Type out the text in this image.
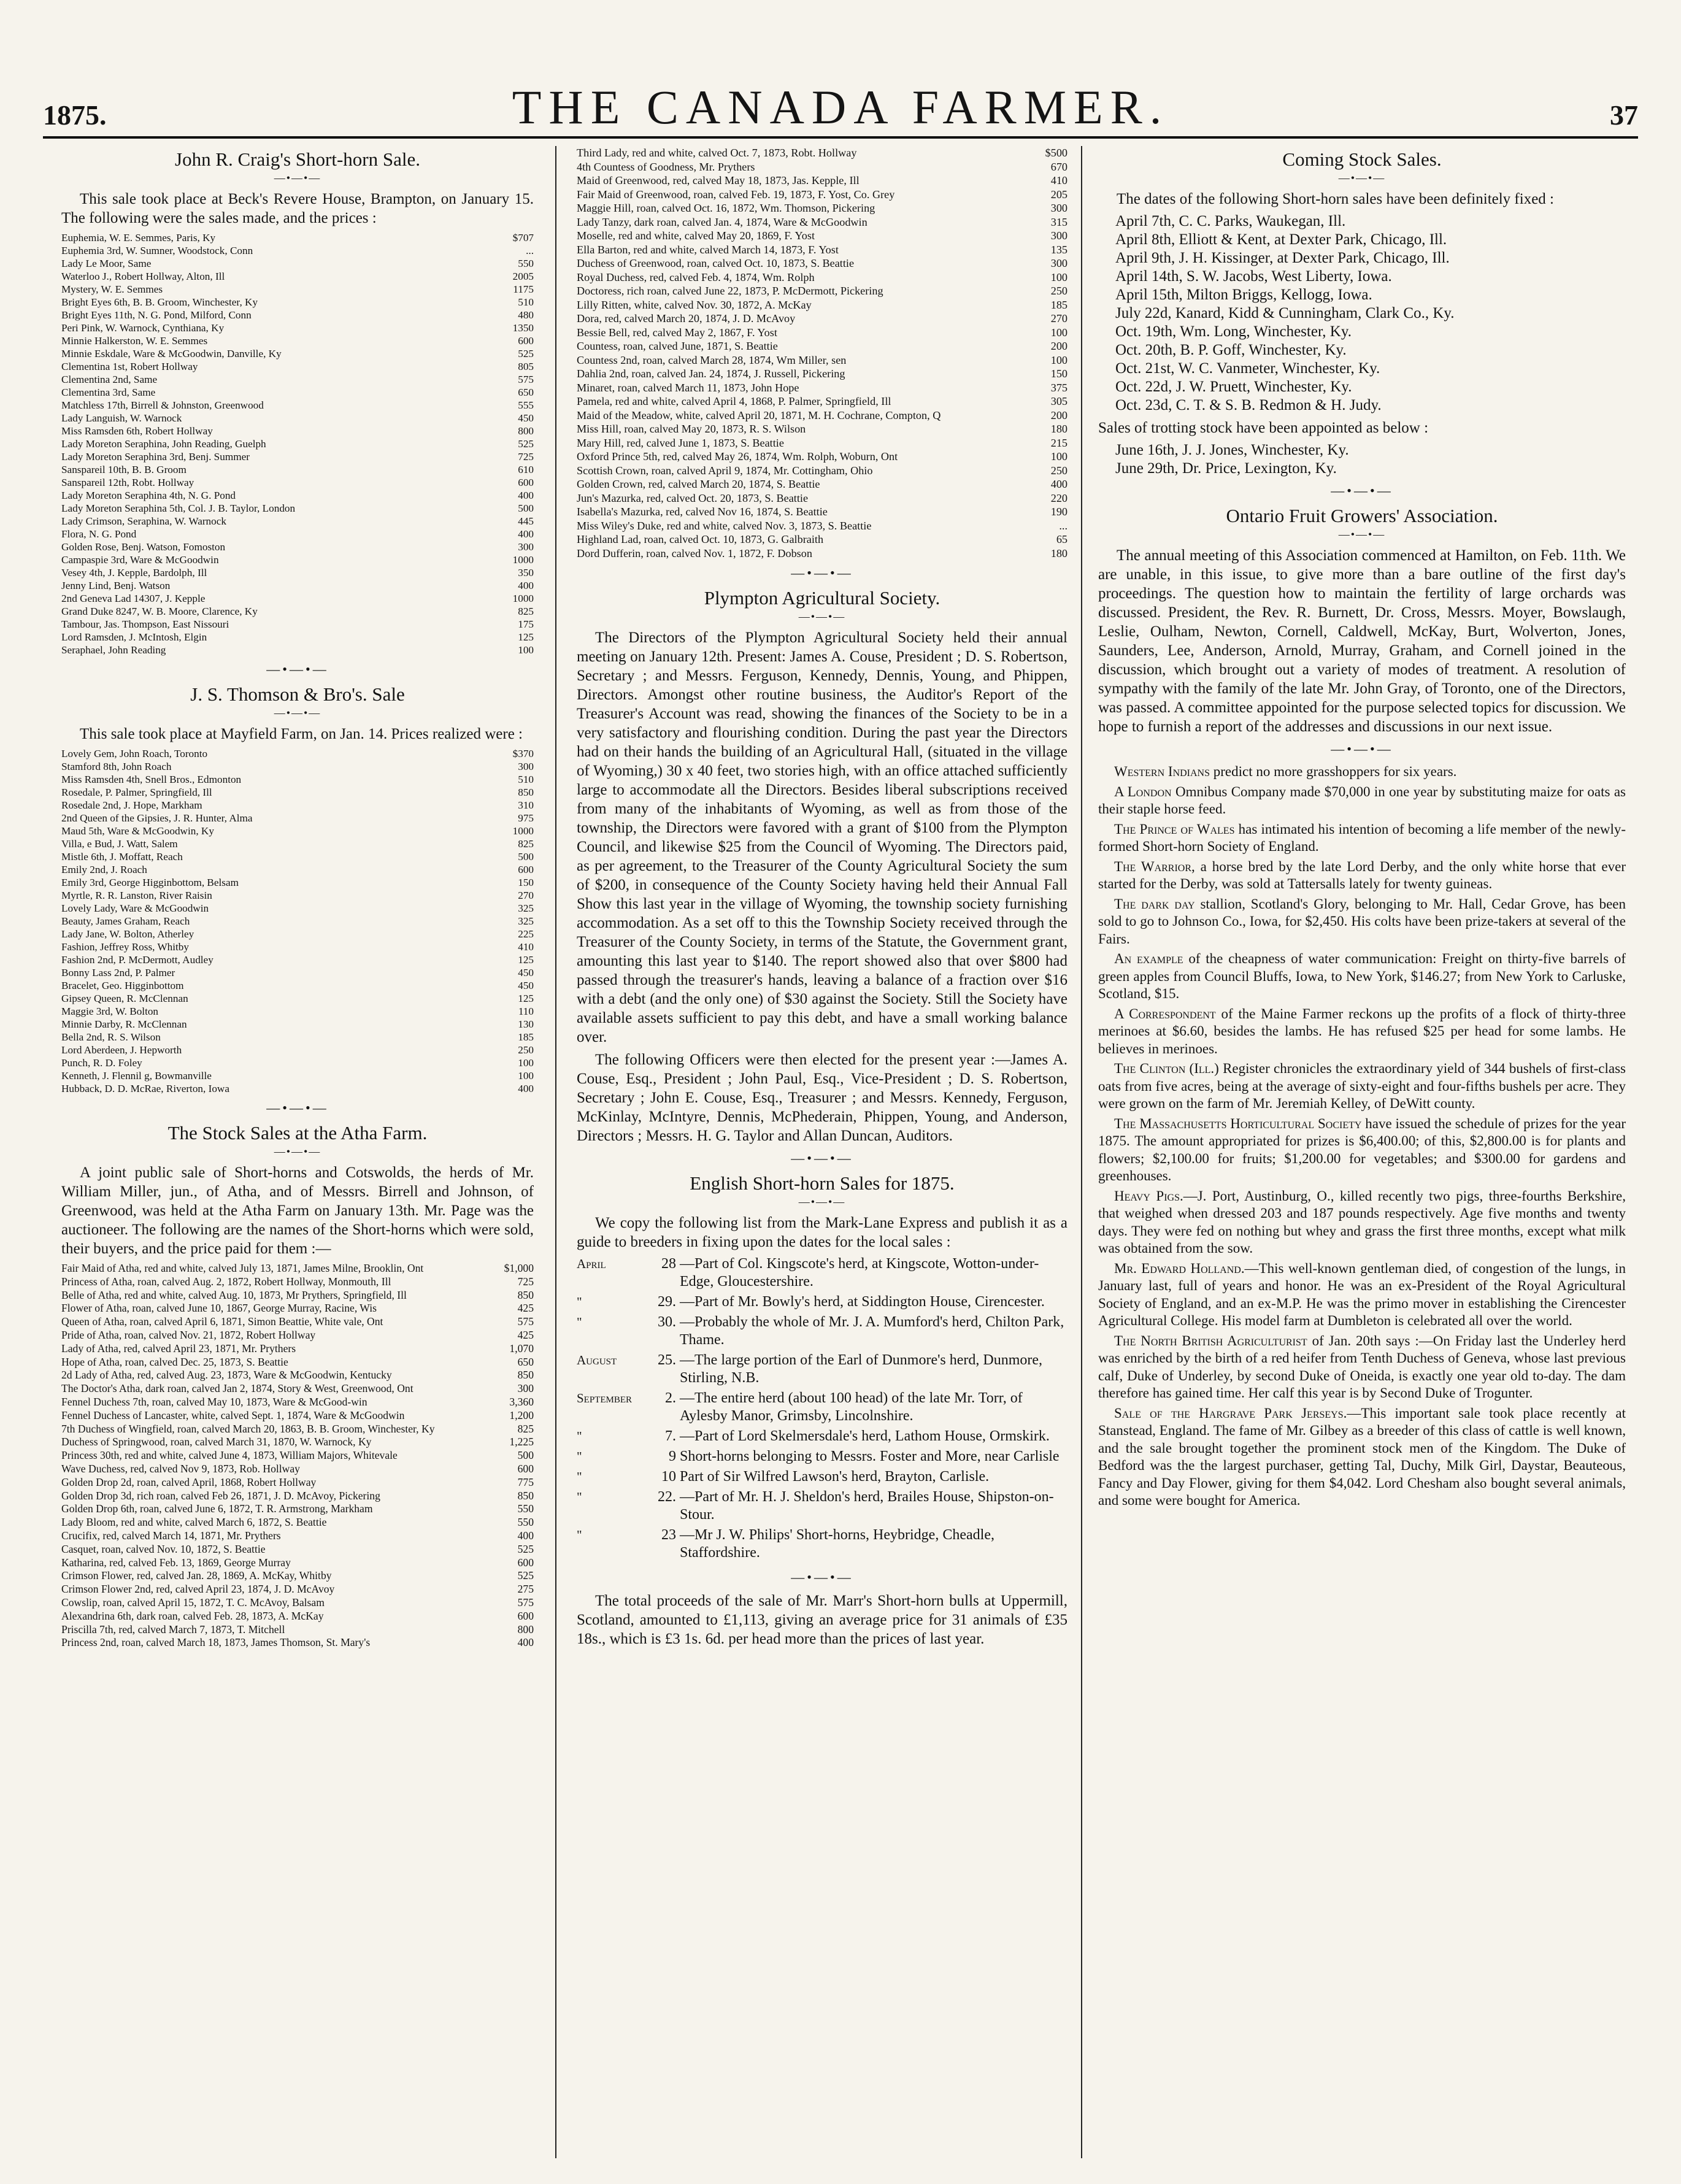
1875.	THE CANADA FARMER.	37
John R. Craig's Short-horn Sale.
—•—•—

This sale took place at Beck's Revere House, Brampton, on January 15. The following were the sales made, and the prices :

Euphemia, W. E. Semmes, Paris, Ky	$707
Euphemia 3rd, W. Sumner, Woodstock, Conn	...
Lady Le Moor, Same	550
Waterloo J., Robert Hollway, Alton, Ill	2005
Mystery, W. E. Semmes	1175
Bright Eyes 6th, B. B. Groom, Winchester, Ky	510
Bright Eyes 11th, N. G. Pond, Milford, Conn	480
Peri Pink, W. Warnock, Cynthiana, Ky	1350
Minnie Halkerston, W. E. Semmes	600
Minnie Eskdale, Ware & McGoodwin, Danville, Ky	525
Clementina 1st, Robert Hollway	805
Clementina 2nd, Same	575
Clementina 3rd, Same	650
Matchless 17th, Birrell & Johnston, Greenwood	555
Lady Languish, W. Warnock	450
Miss Ramsden 6th, Robert Hollway	800
Lady Moreton Seraphina, John Reading, Guelph	525
Lady Moreton Seraphina 3rd, Benj. Summer	725
Sanspareil 10th, B. B. Groom	610
Sanspareil 12th, Robt. Hollway	600
Lady Moreton Seraphina 4th, N. G. Pond	400
Lady Moreton Seraphina 5th, Col. J. B. Taylor, London	500
Lady Crimson, Seraphina, W. Warnock	445
Flora, N. G. Pond	400
Golden Rose, Benj. Watson, Fomoston	300
Campaspie 3rd, Ware & McGoodwin	1000
Vesey 4th, J. Kepple, Bardolph, Ill	350
Jenny Lind, Benj. Watson	400
2nd Geneva Lad 14307, J. Kepple	1000
Grand Duke 8247, W. B. Moore, Clarence, Ky	825
Tambour, Jas. Thompson, East Nissouri	175
Lord Ramsden, J. McIntosh, Elgin	125
Seraphael, John Reading	100
—•—•—
J. S. Thomson & Bro's. Sale
—•—•—

This sale took place at Mayfield Farm, on Jan. 14. Prices realized were :

Lovely Gem, John Roach, Toronto	$370
Stamford 8th, John Roach	300
Miss Ramsden 4th, Snell Bros., Edmonton	510
Rosedale, P. Palmer, Springfield, Ill	850
Rosedale 2nd, J. Hope, Markham	310
2nd Queen of the Gipsies, J. R. Hunter, Alma	975
Maud 5th, Ware & McGoodwin, Ky	1000
Villa, e Bud, J. Watt, Salem	825
Mistle 6th, J. Moffatt, Reach	500
Emily 2nd, J. Roach	600
Emily 3rd, George Higginbottom, Belsam	150
Myrtle, R. R. Lanston, River Raisin	270
Lovely Lady, Ware & McGoodwin	325
Beauty, James Graham, Reach	325
Lady Jane, W. Bolton, Atherley	225
Fashion, Jeffrey Ross, Whitby	410
Fashion 2nd, P. McDermott, Audley	125
Bonny Lass 2nd, P. Palmer	450
Bracelet, Geo. Higginbottom	450
Gipsey Queen, R. McClennan	125
Maggie 3rd, W. Bolton	110
Minnie Darby, R. McClennan	130
Bella 2nd, R. S. Wilson	185
Lord Aberdeen, J. Hepworth	250
Punch, R. D. Foley	100
Kenneth, J. Flennil g, Bowmanville	100
Hubback, D. D. McRae, Riverton, Iowa	400
—•—•—
The Stock Sales at the Atha Farm.
—•—•—

A joint public sale of Short-horns and Cotswolds, the herds of Mr. William Miller, jun., of Atha, and of Messrs. Birrell and Johnson, of Greenwood, was held at the Atha Farm on January 13th. Mr. Page was the auctioneer. The following are the names of the Short-horns which were sold, their buyers, and the price paid for them :—

Fair Maid of Atha, red and white, calved July 13, 1871, James Milne, Brooklin, Ont	$1,000
Princess of Atha, roan, calved Aug. 2, 1872, Robert Hollway, Monmouth, Ill	725
Belle of Atha, red and white, calved Aug. 10, 1873, Mr Prythers, Springfield, Ill	850
Flower of Atha, roan, calved June 10, 1867, George Murray, Racine, Wis	425
Queen of Atha, roan, calved April 6, 1871, Simon Beattie, White vale, Ont	575
Pride of Atha, roan, calved Nov. 21, 1872, Robert Hollway	425
Lady of Atha, red, calved April 23, 1871, Mr. Prythers	1,070
Hope of Atha, roan, calved Dec. 25, 1873, S. Beattie	650
2d Lady of Atha, red, calved Aug. 23, 1873, Ware & McGoodwin, Kentucky	850
The Doctor's Atha, dark roan, calved Jan 2, 1874, Story & West, Greenwood, Ont	300
Fennel Duchess 7th, roan, calved May 10, 1873, Ware & McGood-win	3,360
Fennel Duchess of Lancaster, white, calved Sept. 1, 1874, Ware & McGoodwin	1,200
7th Duchess of Wingfield, roan, calved March 20, 1863, B. B. Groom, Winchester, Ky	825
Duchess of Springwood, roan, calved March 31, 1870, W. Warnock, Ky	1,225
Princess 30th, red and white, calved June 4, 1873, William Majors, Whitevale	500
Wave Duchess, red, calved Nov 9, 1873, Rob. Hollway	600
Golden Drop 2d, roan, calved April, 1868, Robert Hollway	775
Golden Drop 3d, rich roan, calved Feb 26, 1871, J. D. McAvoy, Pickering	850
Golden Drop 6th, roan, calved June 6, 1872, T. R. Armstrong, Markham	550
Lady Bloom, red and white, calved March 6, 1872, S. Beattie	550
Crucifix, red, calved March 14, 1871, Mr. Prythers	400
Casquet, roan, calved Nov. 10, 1872, S. Beattie	525
Katharina, red, calved Feb. 13, 1869, George Murray	600
Crimson Flower, red, calved Jan. 28, 1869, A. McKay, Whitby	525
Crimson Flower 2nd, red, calved April 23, 1874, J. D. McAvoy	275
Cowslip, roan, calved April 15, 1872, T. C. McAvoy, Balsam	575
Alexandrina 6th, dark roan, calved Feb. 28, 1873, A. McKay	600
Priscilla 7th, red, calved March 7, 1873, T. Mitchell	800
Princess 2nd, roan, calved March 18, 1873, James Thomson, St. Mary's	400
Third Lady, red and white, calved Oct. 7, 1873, Robt. Hollway	$500
4th Countess of Goodness, Mr. Prythers	670
Maid of Greenwood, red, calved May 18, 1873, Jas. Kepple, Ill	410
Fair Maid of Greenwood, roan, calved Feb. 19, 1873, F. Yost, Co. Grey	205
Maggie Hill, roan, calved Oct. 16, 1872, Wm. Thomson, Pickering	300
Lady Tanzy, dark roan, calved Jan. 4, 1874, Ware & McGoodwin	315
Moselle, red and white, calved May 20, 1869, F. Yost	300
Ella Barton, red and white, calved March 14, 1873, F. Yost	135
Duchess of Greenwood, roan, calved Oct. 10, 1873, S. Beattie	300
Royal Duchess, red, calved Feb. 4, 1874, Wm. Rolph	100
Doctoress, rich roan, calved June 22, 1873, P. McDermott, Pickering	250
Lilly Ritten, white, calved Nov. 30, 1872, A. McKay	185
Dora, red, calved March 20, 1874, J. D. McAvoy	270
Bessie Bell, red, calved May 2, 1867, F. Yost	100
Countess, roan, calved June, 1871, S. Beattie	200
Countess 2nd, roan, calved March 28, 1874, Wm Miller, sen	100
Dahlia 2nd, roan, calved Jan. 24, 1874, J. Russell, Pickering	150
Minaret, roan, calved March 11, 1873, John Hope	375
Pamela, red and white, calved April 4, 1868, P. Palmer, Springfield, Ill	305
Maid of the Meadow, white, calved April 20, 1871, M. H. Cochrane, Compton, Q	200
Miss Hill, roan, calved May 20, 1873, R. S. Wilson	180
Mary Hill, red, calved June 1, 1873, S. Beattie	215
Oxford Prince 5th, red, calved May 26, 1874, Wm. Rolph, Woburn, Ont	100
Scottish Crown, roan, calved April 9, 1874, Mr. Cottingham, Ohio	250
Golden Crown, red, calved March 20, 1874, S. Beattie	400
Jun's Mazurka, red, calved Oct. 20, 1873, S. Beattie	220
Isabella's Mazurka, red, calved Nov 16, 1874, S. Beattie	190
Miss Wiley's Duke, red and white, calved Nov. 3, 1873, S. Beattie	...
Highland Lad, roan, calved Oct. 10, 1873, G. Galbraith	65
Dord Dufferin, roan, calved Nov. 1, 1872, F. Dobson	180
—•—•—
Plympton Agricultural Society.
—•—•—

The Directors of the Plympton Agricultural Society held their annual meeting on January 12th. Present: James A. Couse, President ; D. S. Robertson, Secretary ; and Messrs. Ferguson, Kennedy, Dennis, Young, and Phippen, Directors. Amongst other routine business, the Auditor's Report of the Treasurer's Account was read, showing the finances of the Society to be in a very satisfactory and flourishing condition. During the past year the Directors had on their hands the building of an Agricultural Hall, (situated in the village of Wyoming,) 30 x 40 feet, two stories high, with an office attached sufficiently large to accommodate all the Directors. Besides liberal subscriptions received from many of the inhabitants of Wyoming, as well as from those of the township, the Directors were favored with a grant of $100 from the Plympton Council, and likewise $25 from the Council of Wyoming. The Directors paid, as per agreement, to the Treasurer of the County Agricultural Society the sum of $200, in consequence of the County Society having held their Annual Fall Show this last year in the village of Wyoming, the township society furnishing accommodation. As a set off to this the Township Society received through the Treasurer of the County Society, in terms of the Statute, the Government grant, amounting this last year to $140. The report showed also that over $800 had passed through the treasurer's hands, leaving a balance of a fraction over $16 with a debt (and the only one) of $30 against the Society. Still the Society have available assets sufficient to pay this debt, and have a small working balance over.

The following Officers were then elected for the present year :—James A. Couse, Esq., President ; John Paul, Esq., Vice-President ; D. S. Robertson, Secretary ; John E. Couse, Esq., Treasurer ; and Messrs. Kennedy, Ferguson, McKinlay, McIntyre, Dennis, McPhederain, Phippen, Young, and Anderson, Directors ; Messrs. H. G. Taylor and Allan Duncan, Auditors.

—•—•—
English Short-horn Sales for 1875.
—•—•—

We copy the following list from the Mark-Lane Express and publish it as a guide to breeders in fixing upon the dates for the local sales :

April	28	—Part of Col. Kingscote's herd, at Kingscote, Wotton-under-Edge, Gloucestershire.
"	29.	—Part of Mr. Bowly's herd, at Siddington House, Cirencester.
"	30.	—Probably the whole of Mr. J. A. Mumford's herd, Chilton Park, Thame.
August	25.	—The large portion of the Earl of Dunmore's herd, Dunmore, Stirling, N.B.
September	2.	—The entire herd (about 100 head) of the late Mr. Torr, of Aylesby Manor, Grimsby, Lincolnshire.
"	7.	—Part of Lord Skelmersdale's herd, Lathom House, Ormskirk.
"	9	Short-horns belonging to Messrs. Foster and More, near Carlisle
"	10	Part of Sir Wilfred Lawson's herd, Brayton, Carlisle.
"	22.	—Part of Mr. H. J. Sheldon's herd, Brailes House, Shipston-on-Stour.
"	23	—Mr J. W. Philips' Short-horns, Heybridge, Cheadle, Staffordshire.
—•—•—

The total proceeds of the sale of Mr. Marr's Short-horn bulls at Uppermill, Scotland, amounted to £1,113, giving an average price for 31 animals of £35 18s., which is £3 1s. 6d. per head more than the prices of last year.

Coming Stock Sales.
—•—•—

The dates of the following Short-horn sales have been definitely fixed :

April 7th, C. C. Parks, Waukegan, Ill.
April 8th, Elliott & Kent, at Dexter Park, Chicago, Ill.
April 9th, J. H. Kissinger, at Dexter Park, Chicago, Ill.
April 14th, S. W. Jacobs, West Liberty, Iowa.
April 15th, Milton Briggs, Kellogg, Iowa.
July 22d, Kanard, Kidd & Cunningham, Clark Co., Ky.
Oct. 19th, Wm. Long, Winchester, Ky.
Oct. 20th, B. P. Goff, Winchester, Ky.
Oct. 21st, W. C. Vanmeter, Winchester, Ky.
Oct. 22d, J. W. Pruett, Winchester, Ky.
Oct. 23d, C. T. & S. B. Redmon & H. Judy.

Sales of trotting stock have been appointed as below :

June 16th, J. J. Jones, Winchester, Ky.
June 29th, Dr. Price, Lexington, Ky.
—•—•—
Ontario Fruit Growers' Association.
—•—•—

The annual meeting of this Association commenced at Hamilton, on Feb. 11th. We are unable, in this issue, to give more than a bare outline of the first day's proceedings. The question how to maintain the fertility of large orchards was discussed. President, the Rev. R. Burnett, Dr. Cross, Messrs. Moyer, Bowslaugh, Leslie, Oulham, Newton, Cornell, Caldwell, McKay, Burt, Wolverton, Jones, Saunders, Lee, Anderson, Arnold, Murray, Graham, and Cornell joined in the discussion, which brought out a variety of modes of treatment. A resolution of sympathy with the family of the late Mr. John Gray, of Toronto, one of the Directors, was passed. A committee appointed for the purpose selected topics for discussion. We hope to furnish a report of the addresses and discussions in our next issue.

—•—•—

Western Indians predict no more grasshoppers for six years.

A London Omnibus Company made $70,000 in one year by substituting maize for oats as their staple horse feed.

The Prince of Wales has intimated his intention of becoming a life member of the newly-formed Short-horn Society of England.

The Warrior, a horse bred by the late Lord Derby, and the only white horse that ever started for the Derby, was sold at Tattersalls lately for twenty guineas.

The dark day stallion, Scotland's Glory, belonging to Mr. Hall, Cedar Grove, has been sold to go to Johnson Co., Iowa, for $2,450. His colts have been prize-takers at several of the Fairs.

An example of the cheapness of water communication: Freight on thirty-five barrels of green apples from Council Bluffs, Iowa, to New York, $146.27; from New York to Carluske, Scotland, $15.

A Correspondent of the Maine Farmer reckons up the profits of a flock of thirty-three merinoes at $6.60, besides the lambs. He has refused $25 per head for some lambs. He believes in merinoes.

The Clinton (Ill.) Register chronicles the extraordinary yield of 344 bushels of first-class oats from five acres, being at the average of sixty-eight and four-fifths bushels per acre. They were grown on the farm of Mr. Jeremiah Kelley, of DeWitt county.

The Massachusetts Horticultural Society have issued the schedule of prizes for the year 1875. The amount appropriated for prizes is $6,400.00; of this, $2,800.00 is for plants and flowers; $2,100.00 for fruits; $1,200.00 for vegetables; and $300.00 for gardens and greenhouses.

Heavy Pigs.—J. Port, Austinburg, O., killed recently two pigs, three-fourths Berkshire, that weighed when dressed 203 and 187 pounds respectively. Age five months and twenty days. They were fed on nothing but whey and grass the first three months, except what milk was obtained from the sow.

Mr. Edward Holland.—This well-known gentleman died, of congestion of the lungs, in January last, full of years and honor. He was an ex-President of the Royal Agricultural Society of England, and an ex-M.P. He was the primo mover in establishing the Cirencester Agricultural College. His model farm at Dumbleton is celebrated all over the world.

The North British Agriculturist of Jan. 20th says :—On Friday last the Underley herd was enriched by the birth of a red heifer from Tenth Duchess of Geneva, whose last previous calf, Duke of Underley, by second Duke of Oneida, is exactly one year old to-day. The dam therefore has gained time. Her calf this year is by Second Duke of Trogunter.

Sale of the Hargrave Park Jerseys.—This important sale took place recently at Stanstead, England. The fame of Mr. Gilbey as a breeder of this class of cattle is well known, and the sale brought together the prominent stock men of the Kingdom. The Duke of Bedford was the the largest purchaser, getting Tal, Duchy, Milk Girl, Daystar, Beauteous, Fancy and Day Flower, giving for them $4,042. Lord Chesham also bought several animals, and some were bought for America.
